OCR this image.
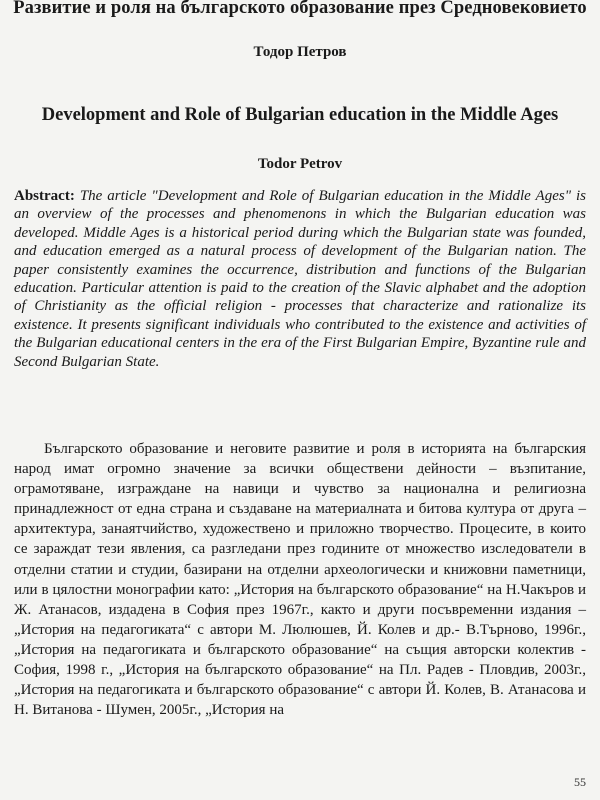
Развитие и роля на българското образование през Средновековието
Тодор Петров
Development and Role of Bulgarian education in the Middle Ages
Todor Petrov
Abstract: The article "Development and Role of Bulgarian education in the Middle Ages" is an overview of the processes and phenomenons in which the Bulgarian education was developed. Middle Ages is a historical period during which the Bulgarian state was founded, and education emerged as a natural process of development of the Bulgarian nation. The paper consistently examines the occurrence, distribution and functions of the Bulgarian education. Particular attention is paid to the creation of the Slavic alphabet and the adoption of Christianity as the official religion - processes that characterize and rationalize its existence. It presents significant individuals who contributed to the existence and activities of the Bulgarian educational centers in the era of the First Bulgarian Empire, Byzantine rule and Second Bulgarian State.

Българското образование и неговите развитие и роля в историята на българския народ имат огромно значение за всички обществени дейности – възпитание, ограмотяване, изграждане на навици и чувство за национална и религиозна принадлежност от една страна и създаване на материалната и битова култура от друга – архитектура, занаятчийство, художествено и приложно творчество. Процесите, в които се зараждат тези явления, са разгледани през годините от множество изследователи в отделни статии и студии, базирани на отделни археологически и книжовни паметници, или в цялостни монографии като: „История на българското образование“ на Н.Чакъров и Ж. Атанасов, издадена в София през 1967г., както и други посъвременни издания – „История на педагогиката“ с автори М. Люлюшев, Й. Колев и др.- В.Търново, 1996г., „История на педагогиката и българското образование“ на същия авторски колектив - София, 1998 г., „История на българското образование“ на Пл. Радев - Пловдив, 2003г., „История на педагогиката и българското образование“ с автори Й. Колев, В. Атанасова и Н. Витанова - Шумен, 2005г., „История на

55
